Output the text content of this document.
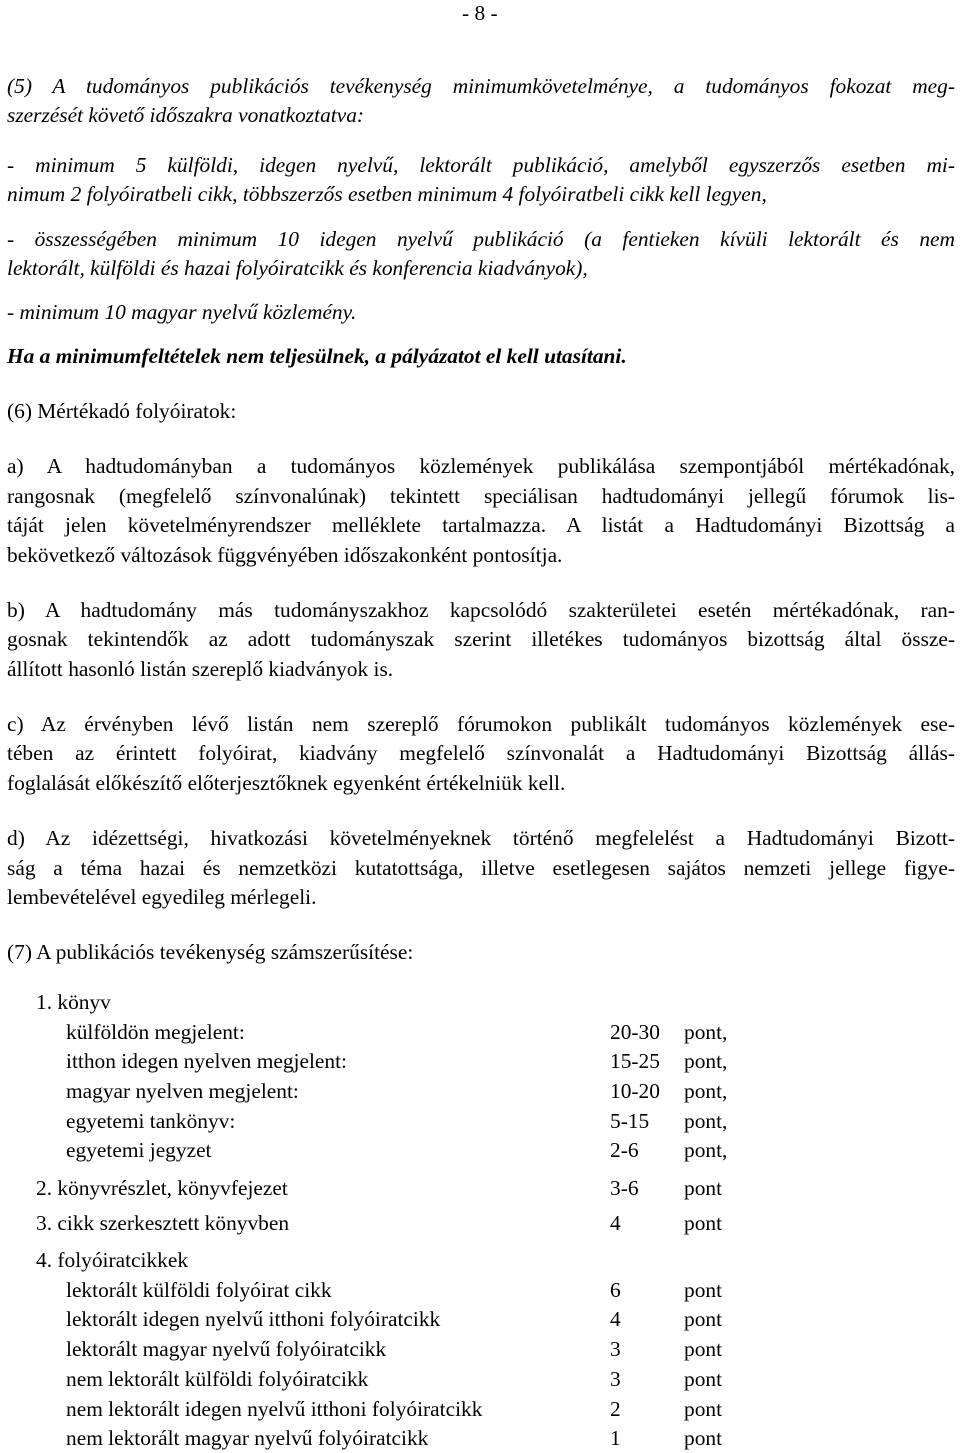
- 8 -
(5) A tudományos publikációs tevékenység minimumkövetelménye, a tudományos fokozat meg-
szerzését követő időszakra vonatkoztatva:
- minimum 5 külföldi, idegen nyelvű, lektorált publikáció, amelyből egyszerzős esetben mi-
nimum 2 folyóiratbeli cikk, többszerzős esetben minimum 4 folyóiratbeli cikk kell legyen,
- összességében minimum 10 idegen nyelvű publikáció (a fentieken kívüli lektorált és nem
lektorált, külföldi és hazai folyóiratcikk és konferencia kiadványok),
- minimum 10 magyar nyelvű közlemény.
Ha a minimumfeltételek nem teljesülnek, a pályázatot el kell utasítani.
(6) Mértékadó folyóiratok:
a) A hadtudományban a tudományos közlemények publikálása szempontjából mértékadónak,
rangosnak (megfelelő színvonalúnak) tekintett speciálisan hadtudományi jellegű fórumok lis-
táját jelen követelményrendszer melléklete tartalmazza. A listát a Hadtudományi Bizottság a
bekövetkező változások függvényében időszakonként pontosítja.
b) A hadtudomány más tudományszakhoz kapcsolódó szakterületei esetén mértékadónak, ran-
gosnak tekintendők az adott tudományszak szerint illetékes tudományos bizottság által össze-
állított hasonló listán szereplő kiadványok is.
c) Az érvényben lévő listán nem szereplő fórumokon publikált tudományos közlemények ese-
tében az érintett folyóirat, kiadvány megfelelő színvonalát a Hadtudományi Bizottság állás-
foglalását előkészítő előterjesztőknek egyenként értékelniük kell.
d) Az idézettségi, hivatkozási követelményeknek történő megfelelést a Hadtudományi Bizott-
ság a téma hazai és nemzetközi kutatottsága, illetve esetlegesen sajátos nemzeti jellege figye-
lembevételével egyedileg mérlegeli.
(7) A publikációs tevékenység számszerűsítése:
1. könyv
külföldön megjelent:	20-30 pont,
itthon idegen nyelven megjelent:	15-25 pont,
magyar nyelven megjelent:	10-20 pont,
egyetemi tankönyv:	5-15 pont,
egyetemi jegyzet	2-6 pont,
2. könyvrészlet, könyvfejezet	3-6 pont
3. cikk szerkesztett könyvben	4	pont
4. folyóiratcikkek
lektorált külföldi folyóirat cikk	6	pont
lektorált idegen nyelvű itthoni folyóiratcikk	4	pont
lektorált magyar nyelvű folyóiratcikk	3	pont
nem lektorált külföldi folyóiratcikk	3	pont
nem lektorált idegen nyelvű itthoni folyóiratcikk	2	pont
nem lektorált magyar nyelvű folyóiratcikk	1	pont
